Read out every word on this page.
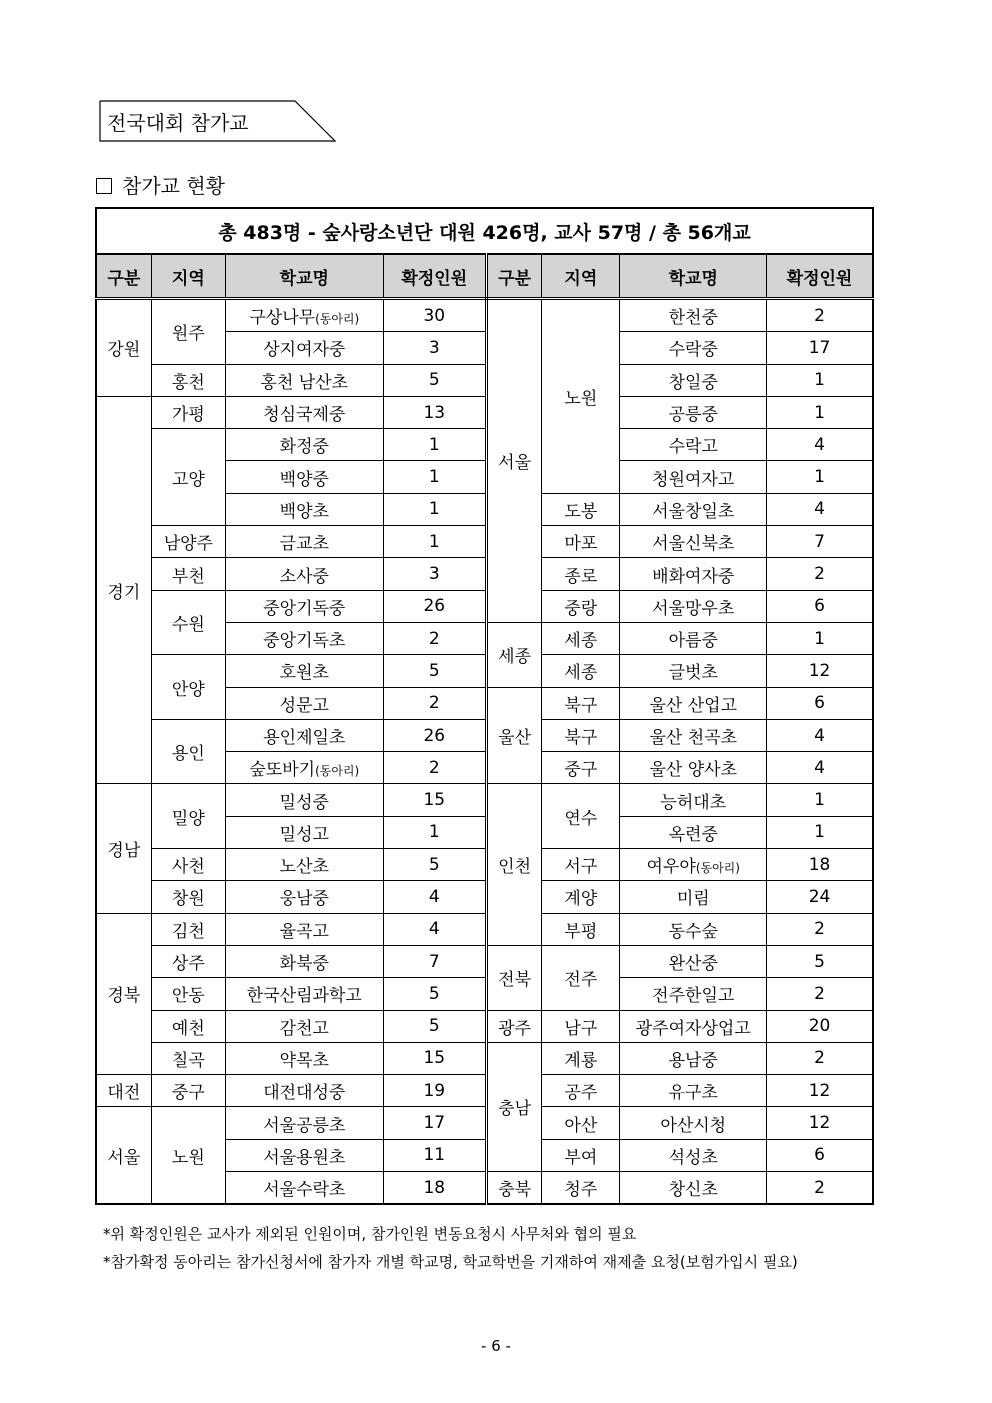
전국대회 참가교
참가교 현황
총 483명 - 숲사랑소년단 대원 426명, 교사 57명 / 총 56개교							
구분	지역	학교명	확정인원	구분	지역	학교명	확정인원
강원	원주	구상나무(동아리)	30	서울	노원	한천중	2
		상지여자중	3			수락중	17
	홍천	홍천 남산초	5			창일중	1
경기	가평	청심국제중	13			공릉중	1
	고양	화정중	1			수락고	4
		백양중	1			청원여자고	1
		백양초	1		도봉	서울창일초	4
	남양주	금교초	1		마포	서울신북초	7
	부천	소사중	3		종로	배화여자중	2
	수원	중앙기독중	26		중랑	서울망우초	6
		중앙기독초	2	세종	세종	아름중	1
	안양	호원초	5		세종	글벗초	12
		성문고	2	울산	북구	울산 산업고	6
	용인	용인제일초	26		북구	울산 천곡초	4
		숲또바기(동아리)	2		중구	울산 양사초	4
경남	밀양	밀성중	15	인천	연수	능허대초	1
		밀성고	1			옥련중	1
	사천	노산초	5		서구	여우야(동아리)	18
	창원	웅남중	4		계양	미림	24
경북	김천	율곡고	4		부평	동수숲	2
	상주	화북중	7	전북	전주	완산중	5
	안동	한국산림과학고	5			전주한일고	2
	예천	감천고	5	광주	남구	광주여자상업고	20
	칠곡	약목초	15	충남	계룡	용남중	2
대전	중구	대전대성중	19		공주	유구초	12
서울	노원	서울공릉초	17		아산	아산시청	12
		서울용원초	11		부여	석성초	6
		서울수락초	18	충북	청주	창신초	2
*위 확정인원은 교사가 제외된 인원이며, 참가인원 변동요청시 사무처와 협의 필요
*참가확정 동아리는 참가신청서에 참가자 개별 학교명, 학교학번을 기재하여 재제출 요청(보험가입시 필요)
- 6 -
